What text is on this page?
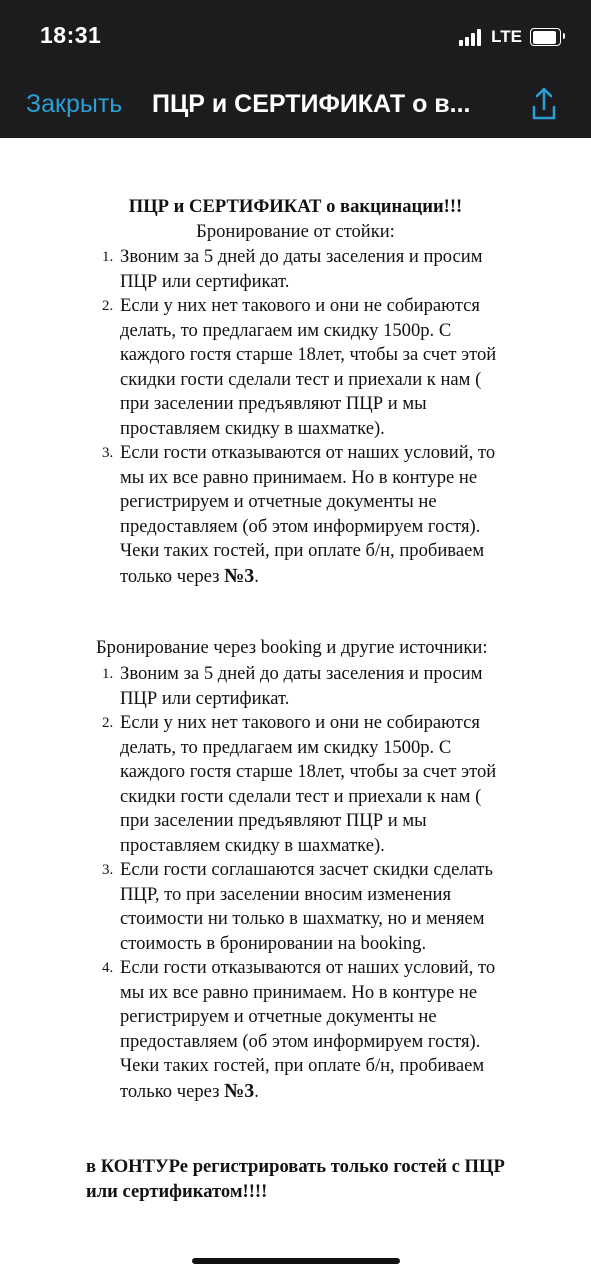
18:31	LTE
Закрыть ПЦР и СЕРТИФИКАТ о в...
ПЦР и СЕРТИФИКАТ о вакцинации!!!
Бронирование от стойки:
1. Звоним за 5 дней до даты заселения и просим
ПЦР или сертификат.
2. Если у них нет такового и они не собираются
делать, то предлагаем им скидку 1500р. С
каждого гостя старше 18лет, чтобы за счет этой
скидки гости сделали тест и приехали к нам (
при заселении предъявляют ПЦР и мы
проставляем скидку в шахматке).
3. Если гости отказываются от наших условий, то
мы их все равно принимаем. Но в контуре не
регистрируем и отчетные документы не
предоставляем (об этом информируем гостя).
Чеки таких гостей, при оплате б/н, пробиваем
только через №3.
Бронирование через booking и другие источники:
1. Звоним за 5 дней до даты заселения и просим
ПЦР или сертификат.
2. Если у них нет такового и они не собираются
делать, то предлагаем им скидку 1500р. С
каждого гостя старше 18лет, чтобы за счет этой
скидки гости сделали тест и приехали к нам (
при заселении предъявляют ПЦР и мы
проставляем скидку в шахматке).
3. Если гости соглашаются засчет скидки сделать
ПЦР, то при заселении вносим изменения
стоимости ни только в шахматку, но и меняем
стоимость в бронировании на booking.
4. Если гости отказываются от наших условий, то
мы их все равно принимаем. Но в контуре не
регистрируем и отчетные документы не
предоставляем (об этом информируем гостя).
Чеки таких гостей, при оплате б/н, пробиваем
только через №3.
в КОНТУРе регистрировать только гостей с ПЦР
или сертификатом!!!!
